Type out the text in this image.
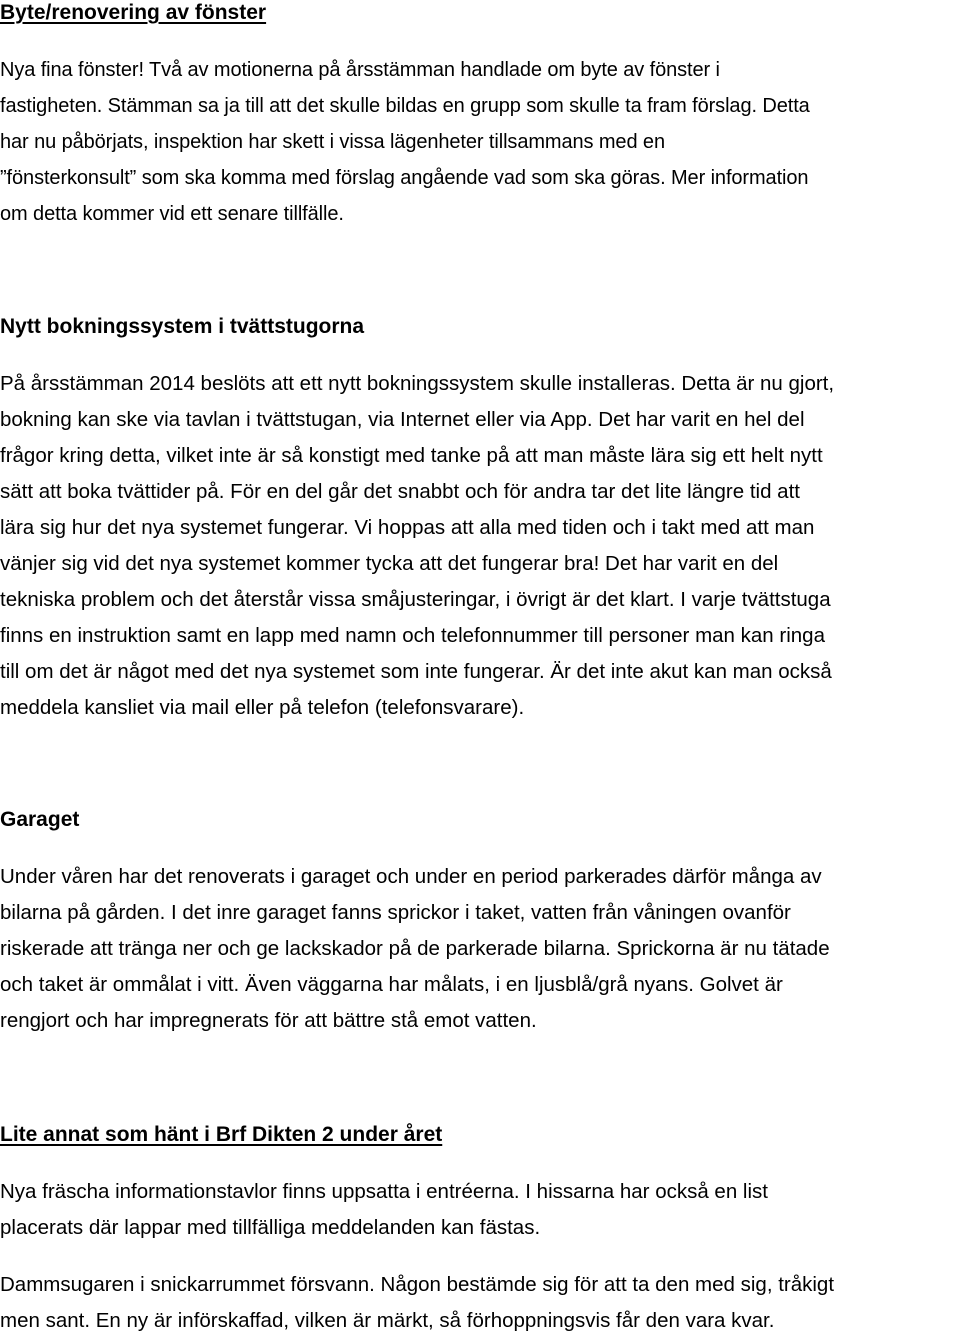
Byte/renovering av fönster

Nya fina fönster! Två av motionerna på årsstämman handlade om byte av fönster i
fastigheten. Stämman sa ja till att det skulle bildas en grupp som skulle ta fram förslag. Detta
har nu påbörjats, inspektion har skett i vissa lägenheter tillsammans med en
”fönsterkonsult” som ska komma med förslag angående vad som ska göras. Mer information
om detta kommer vid ett senare tillfälle.

Nytt bokningssystem i tvättstugorna

På årsstämman 2014 beslöts att ett nytt bokningssystem skulle installeras. Detta är nu gjort,
bokning kan ske via tavlan i tvättstugan, via Internet eller via App. Det har varit en hel del
frågor kring detta, vilket inte är så konstigt med tanke på att man måste lära sig ett helt nytt
sätt att boka tvättider på. För en del går det snabbt och för andra tar det lite längre tid att
lära sig hur det nya systemet fungerar. Vi hoppas att alla med tiden och i takt med att man
vänjer sig vid det nya systemet kommer tycka att det fungerar bra! Det har varit en del
tekniska problem och det återstår vissa småjusteringar, i övrigt är det klart. I varje tvättstuga
finns en instruktion samt en lapp med namn och telefonnummer till personer man kan ringa
till om det är något med det nya systemet som inte fungerar. Är det inte akut kan man också
meddela kansliet via mail eller på telefon (telefonsvarare).

Garaget

Under våren har det renoverats i garaget och under en period parkerades därför många av
bilarna på gården. I det inre garaget fanns sprickor i taket, vatten från våningen ovanför
riskerade att tränga ner och ge lackskador på de parkerade bilarna. Sprickorna är nu tätade
och taket är ommålat i vitt. Även väggarna har målats, i en ljusblå/grå nyans. Golvet är
rengjort och har impregnerats för att bättre stå emot vatten.

Lite annat som hänt i Brf Dikten 2 under året

Nya fräscha informationstavlor finns uppsatta i entréerna. I hissarna har också en list
placerats där lappar med tillfälliga meddelanden kan fästas.

Dammsugaren i snickarrummet försvann. Någon bestämde sig för att ta den med sig, tråkigt
men sant. En ny är införskaffad, vilken är märkt, så förhoppningsvis får den vara kvar.
